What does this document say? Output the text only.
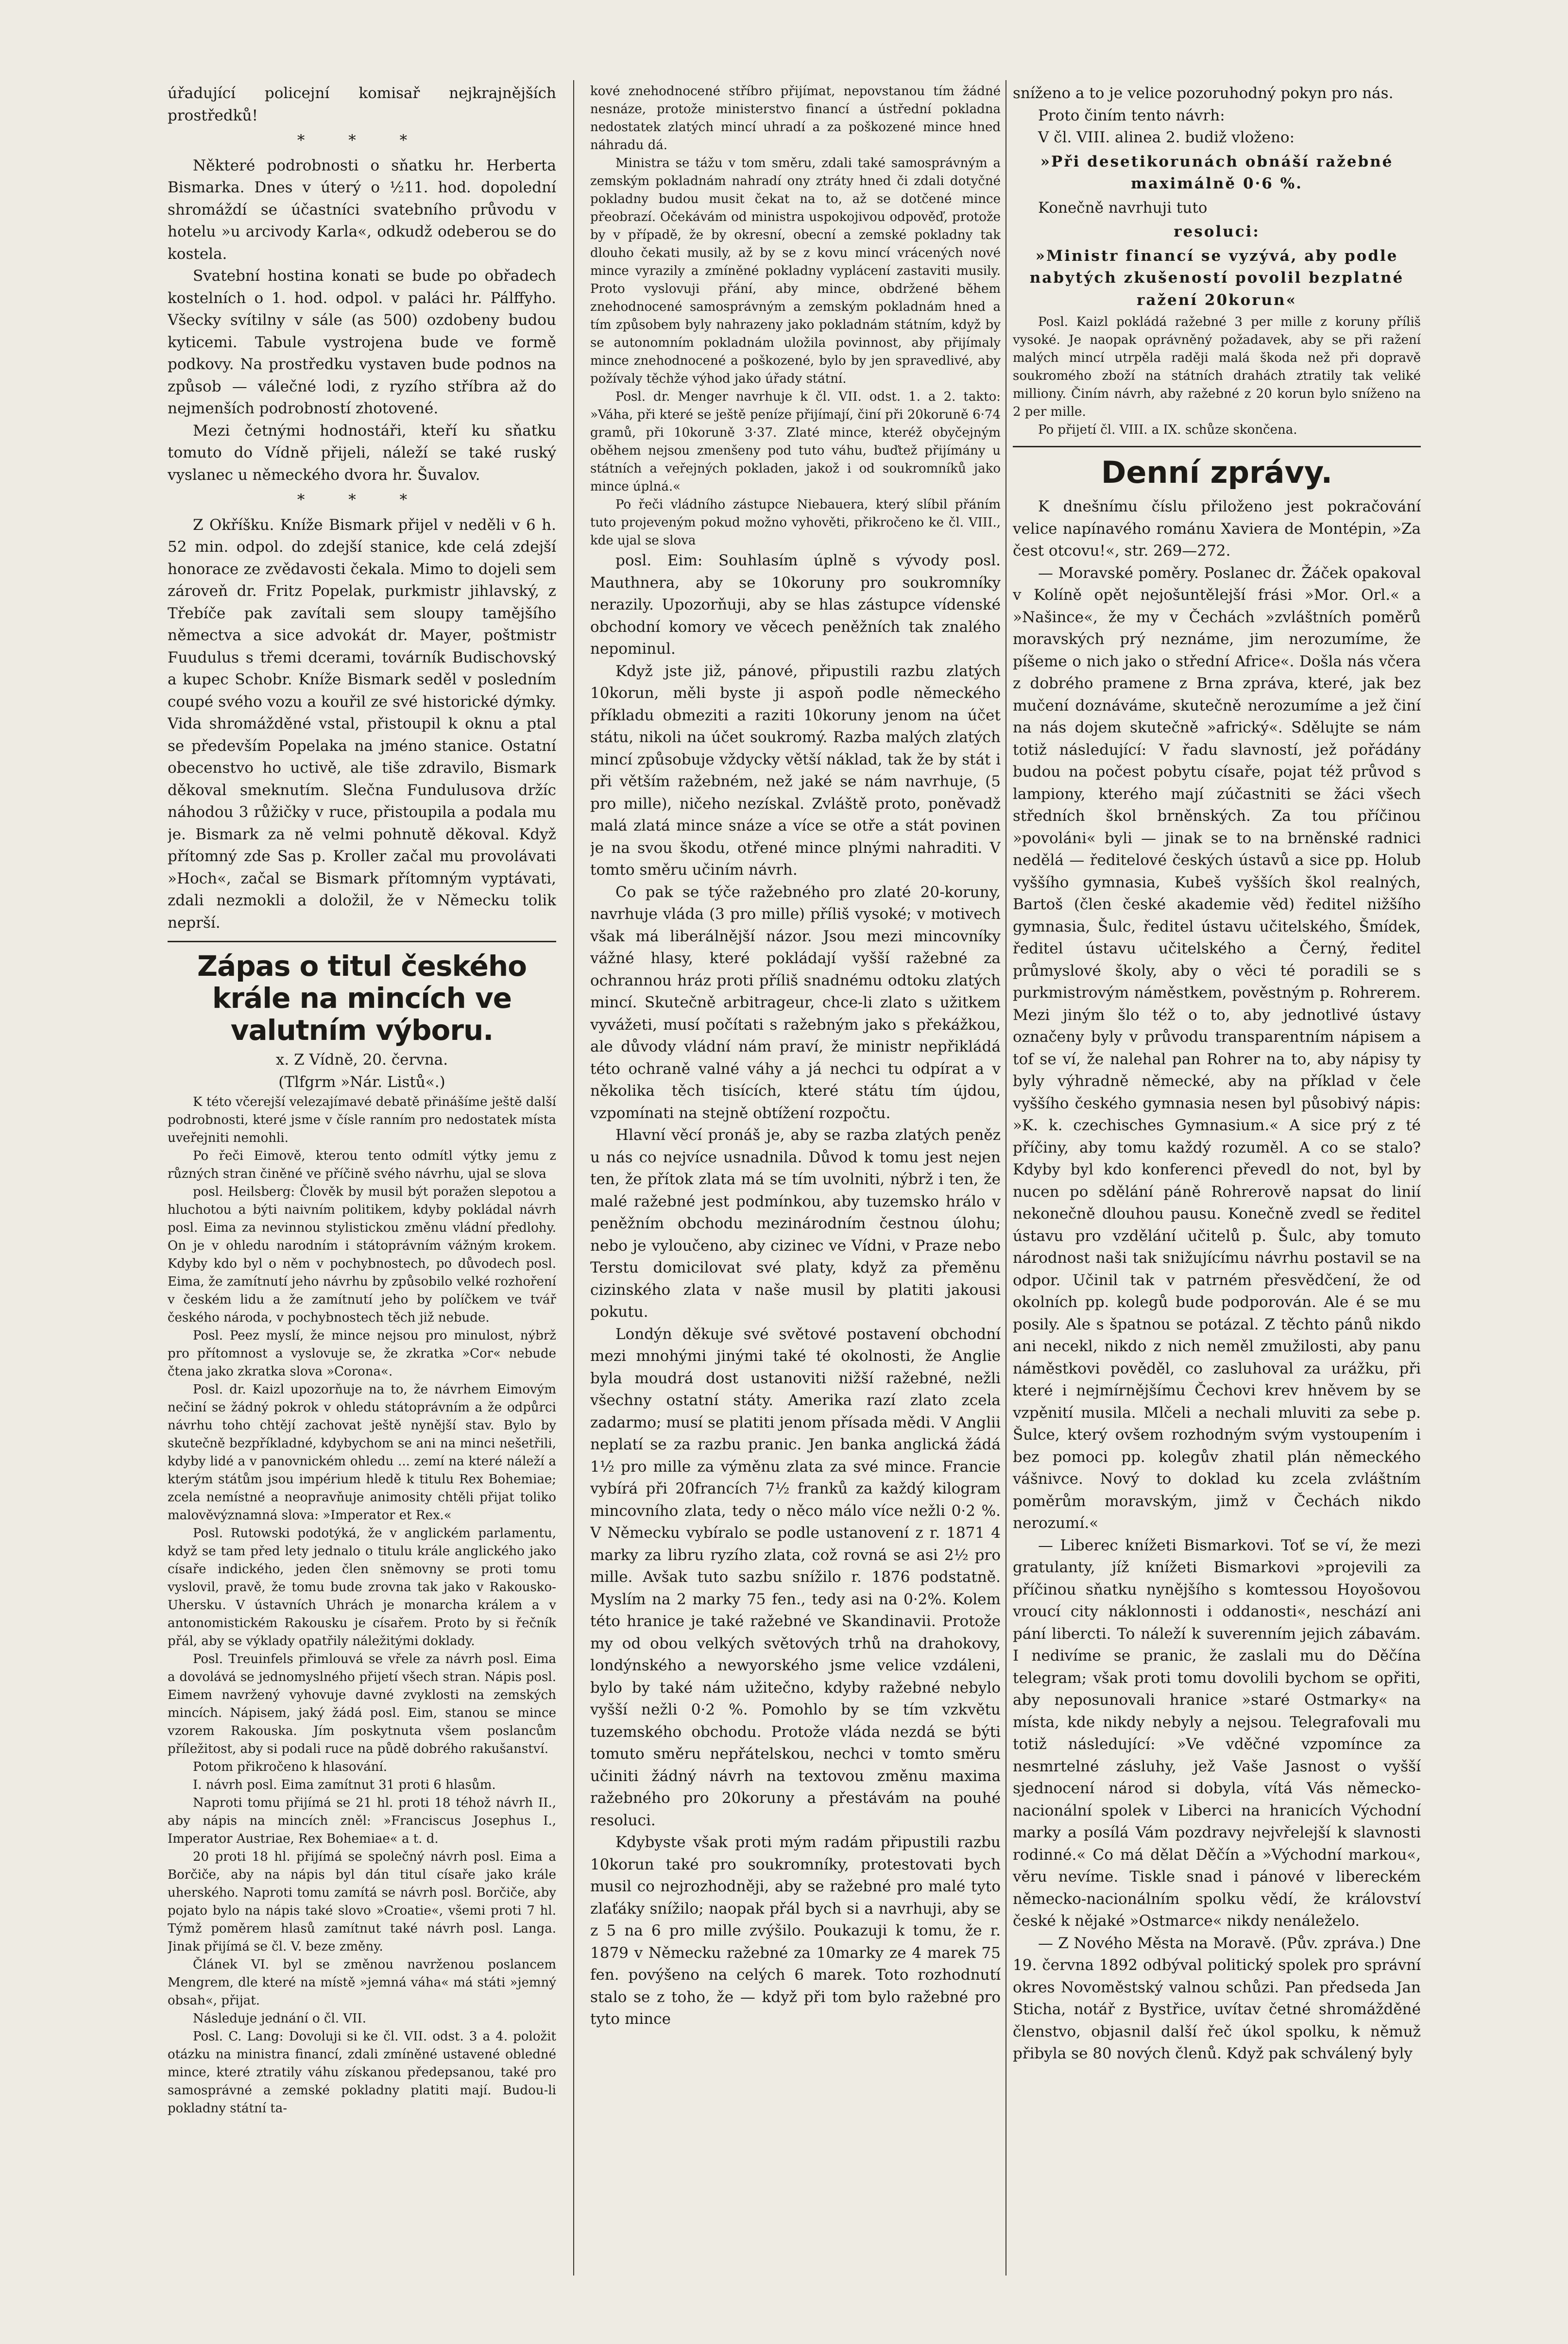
úřadující policejní komisař nejkrajnějších prostředků!

* * *

Některé podrobnosti o sňatku hr. Herberta Bismarka. Dnes v úterý o ½11. hod. dopolední shromáždí se účastníci svatebního průvodu v hotelu »u arcivody Karla«, odkudž odeberou se do kostela.

Svatební hostina konati se bude po obřadech kostelních o 1. hod. odpol. v paláci hr. Pálffyho. Všecky svítilny v sále (as 500) ozdobeny budou kyticemi. Tabule vystrojena bude ve formě podkovy. Na prostředku vystaven bude podnos na způsob — válečné lodi, z ryzího stříbra až do nejmenších podrobností zhotovené.

Mezi četnými hodnostáři, kteří ku sňatku tomuto do Vídně přijeli, náleží se také ruský vyslanec u německého dvora hr. Šuvalov.

* * *

Z Okříšku. Kníže Bismark přijel v neděli v 6 h. 52 min. odpol. do zdejší stanice, kde celá zdejší honorace ze zvědavosti čekala. Mimo to dojeli sem zároveň dr. Fritz Popelak, purkmistr jihlavský, z Třebíče pak zavítali sem sloupy tamějšího němectva a sice advokát dr. Mayer, poštmistr Fuudulus s třemi dcerami, továrník Budischovský a kupec Schobr. Kníže Bismark seděl v posledním coupé svého vozu a kouřil ze své historické dýmky. Vida shromážděné vstal, přistoupil k oknu a ptal se především Popelaka na jméno stanice. Ostatní obecenstvo ho uctivě, ale tiše zdravilo, Bismark děkoval smeknutím. Slečna Fundulusova držíc náhodou 3 růžičky v ruce, přistoupila a podala mu je. Bismark za ně velmi pohnutě děkoval. Když přítomný zde Sas p. Kroller začal mu provolávati »Hoch«, začal se Bismark přítomným vyptávati, zdali nezmokli a doložil, že v Německu tolik neprší.

Zápas o titul českého krále na mincích ve valutním výboru.

x. Z Vídně, 20. června.

(Tlfgrm »Nár. Listů«.)

K této včerejší velezajímavé debatě přinášíme ještě další podrobnosti, které jsme v čísle ranním pro nedostatek místa uveřejniti nemohli.

Po řeči Eimově, kterou tento odmítl výtky jemu z různých stran činěné ve příčině svého návrhu, ujal se slova

posl. Heilsberg: Člověk by musil být poražen slepotou a hluchotou a býti naivním politikem, kdyby pokládal návrh posl. Eima za nevinnou stylistickou změnu vládní předlohy. On je v ohledu narodním i státoprávním vážným krokem. Kdyby kdo byl o něm v pochybnostech, po důvodech posl. Eima, že zamítnutí jeho návrhu by způsobilo velké rozhoření v českém lidu a že zamítnutí jeho by políčkem ve tvář českého národa, v pochybnostech těch již nebude.

Posl. Peez myslí, že mince nejsou pro minulost, nýbrž pro přítomnost a vyslovuje se, že zkratka »Cor« nebude čtena jako zkratka slova »Corona«.

Posl. dr. Kaizl upozorňuje na to, že návrhem Eimovým nečiní se žádný pokrok v ohledu státoprávním a že odpůrci návrhu toho chtějí zachovat ještě nynější stav. Bylo by skutečně bezpříkladné, kdybychom se ani na minci nešetřili, kdyby lidé a v panovnickém ohledu ... zemí na které náleží a kterým státům jsou impérium hledě k titulu Rex Bohemiae; zcela nemístné a neopravňuje animosity chtěli přijat toliko malověvýznamná slova: »Imperator et Rex.«

Posl. Rutowski podotýká, že v anglickém parlamentu, když se tam před lety jednalo o titulu krále anglického jako císaře indického, jeden člen sněmovny se proti tomu vyslovil, pravě, že tomu bude zrovna tak jako v Rakousko-Uhersku. V ústavních Uhrách je monarcha králem a v antonomistickém Rakousku je císařem. Proto by si řečník přál, aby se výklady opatřily náležitými doklady.

Posl. Treuinfels přimlouvá se vřele za návrh posl. Eima a dovolává se jednomyslného přijetí všech stran. Nápis posl. Eimem navržený vyhovuje davné zvyklosti na zemských mincích. Nápisem, jaký žádá posl. Eim, stanou se mince vzorem Rakouska. Jím poskytnuta všem poslancům příležitost, aby si podali ruce na půdě dobrého rakušanství.

Potom přikročeno k hlasování.

I. návrh posl. Eima zamítnut 31 proti 6 hlasům.

Naproti tomu přijímá se 21 hl. proti 18 téhož návrh II., aby nápis na mincích zněl: »Franciscus Josephus I., Imperator Austriae, Rex Bohemiae« a t. d.

20 proti 18 hl. přijímá se společný návrh posl. Eima a Borčiče, aby na nápis byl dán titul císaře jako krále uherského. Naproti tomu zamítá se návrh posl. Borčiče, aby pojato bylo na nápis také slovo »Croatie«, všemi proti 7 hl. Týmž poměrem hlasů zamítnut také návrh posl. Langa. Jinak přijímá se čl. V. beze změny.

Článek VI. byl se změnou navrženou poslancem Mengrem, dle které na místě »jemná váha« má státi »jemný obsah«, přijat.

Následuje jednání o čl. VII.

Posl. C. Lang: Dovoluji si ke čl. VII. odst. 3 a 4. položit otázku na ministra financí, zdali zmíněné ustavené obledné mince, které ztratily váhu získanou předepsanou, také pro samosprávné a zemské pokladny platiti mají. Budou-li pokladny státní ta-

kové znehodnocené stříbro přijímat, nepovstanou tím žádné nesnáze, protože ministerstvo financí a ústřední pokladna nedostatek zlatých mincí uhradí a za poškozené mince hned náhradu dá.

Ministra se tážu v tom směru, zdali také samosprávným a zemským pokladnám nahradí ony ztráty hned či zdali dotyčné pokladny budou musit čekat na to, až se dotčené mince přeobrazí. Očekávám od ministra uspokojivou odpověď, protože by v případě, že by okresní, obecní a zemské pokladny tak dlouho čekati musily, až by se z kovu mincí vrácených nové mince vyrazily a zmíněné pokladny vyplácení zastaviti musily. Proto vyslovuji přání, aby mince, obdržené během znehodnocené samosprávným a zemským pokladnám hned a tím způsobem byly nahrazeny jako pokladnám státním, když by se autonomním pokladnám uložila povinnost, aby přijímaly mince znehodnocené a poškozené, bylo by jen spravedlivé, aby požívaly těchže výhod jako úřady státní.

Posl. dr. Menger navrhuje k čl. VII. odst. 1. a 2. takto: »Váha, při které se ještě peníze přijímají, činí při 20koruně 6·74 gramů, při 10koruně 3·37. Zlaté mince, kteréž obyčejným oběhem nejsou zmenšeny pod tuto váhu, buďtež přijímány u státních a veřejných pokladen, jakož i od soukromníků jako mince úplná.«

Po řeči vládního zástupce Niebauera, který slíbil přáním tuto projeveným pokud možno vyhověti, přikročeno ke čl. VIII., kde ujal se slova

posl. Eim: Souhlasím úplně s vývody posl. Mauthnera, aby se 10koruny pro soukromníky nerazily. Upozorňuji, aby se hlas zástupce vídenské obchodní komory ve věcech peněžních tak znalého nepominul.

Když jste již, pánové, připustili razbu zlatých 10korun, měli byste ji aspoň podle německého příkladu obmeziti a raziti 10koruny jenom na účet státu, nikoli na účet soukromý. Razba malých zlatých mincí způsobuje vždycky větší náklad, tak že by stát i při větším ražebném, než jaké se nám navrhuje, (5 pro mille), ničeho nezískal. Zvláště proto, poněvadž malá zlatá mince snáze a více se otře a stát povinen je na svou škodu, otřené mince plnými nahraditi. V tomto směru učiním návrh.

Co pak se týče ražebného pro zlaté 20-koruny, navrhuje vláda (3 pro mille) příliš vysoké; v motivech však má liberálnější názor. Jsou mezi mincovníky vážné hlasy, které pokládají vyšší ražebné za ochrannou hráz proti příliš snadnému odtoku zlatých mincí. Skutečně arbitrageur, chce-li zlato s užitkem vyvážeti, musí počítati s ražebným jako s překážkou, ale důvody vládní nám praví, že ministr nepřikládá této ochraně valné váhy a já nechci tu odpírat a v několika těch tisících, které státu tím újdou, vzpomínati na stejně obtížení rozpočtu.

Hlavní věcí pronáš je, aby se razba zlatých peněz u nás co nejvíce usnadnila. Důvod k tomu jest nejen ten, že přítok zlata má se tím uvolniti, nýbrž i ten, že malé ražebné jest podmínkou, aby tuzemsko hrálo v peněžním obchodu mezinárodním čestnou úlohu; nebo je vyloučeno, aby cizinec ve Vídni, v Praze nebo Terstu domicilovat své platy, když za přeměnu cizinského zlata v naše musil by platiti jakousi pokutu.

Londýn děkuje své světové postavení obchodní mezi mnohými jinými také té okolnosti, že Anglie byla moudrá dost ustanoviti nižší ražebné, nežli všechny ostatní státy. Amerika razí zlato zcela zadarmo; musí se platiti jenom přísada mědi. V Anglii neplatí se za razbu pranic. Jen banka anglická žádá 1½ pro mille za výměnu zlata za své mince. Francie vybírá při 20francích 7½ franků za každý kilogram mincovního zlata, tedy o něco málo více nežli 0·2 %. V Německu vybíralo se podle ustanovení z r. 1871 4 marky za libru ryzího zlata, což rovná se asi 2½ pro mille. Avšak tuto sazbu snížilo r. 1876 podstatně. Myslím na 2 marky 75 fen., tedy asi na 0·2%. Kolem této hranice je také ražebné ve Skandinavii. Protože my od obou velkých světových trhů na drahokovy, londýnského a newyorského jsme velice vzdáleni, bylo by také nám užitečno, kdyby ražebné nebylo vyšší nežli 0·2 %. Pomohlo by se tím vzkvětu tuzemského obchodu. Protože vláda nezdá se býti tomuto směru nepřátelskou, nechci v tomto směru učiniti žádný návrh na textovou změnu maxima ražebného pro 20koruny a přestávám na pouhé resoluci.

Kdybyste však proti mým radám připustili razbu 10korun také pro soukromníky, protestovati bych musil co nejrozhodněji, aby se ražebné pro malé tyto zlaťáky snížilo; naopak přál bych si a navrhuji, aby se z 5 na 6 pro mille zvýšilo. Poukazuji k tomu, že r. 1879 v Německu ražebné za 10marky ze 4 marek 75 fen. povýšeno na celých 6 marek. Toto rozhodnutí stalo se z toho, že — když při tom bylo ražebné pro tyto mince

sníženo a to je velice pozoruhodný pokyn pro nás.

Proto činím tento návrh:

V čl. VIII. alinea 2. budiž vloženo:

»Při desetikorunách obnáší ražebné maximálně 0·6 %.

Konečně navrhuji tuto

resoluci:

»Ministr financí se vyzývá, aby podle nabytých zkušeností povolil bezplatné ražení 20korun«

Posl. Kaizl pokládá ražebné 3 per mille z koruny příliš vysoké. Je naopak oprávněný požadavek, aby se při ražení malých mincí utrpěla raději malá škoda než při dopravě soukromého zboží na státních drahách ztratily tak veliké milliony. Činím návrh, aby ražebné z 20 korun bylo sníženo na 2 per mille.

Po přijetí čl. VIII. a IX. schůze skončena.

Denní zprávy.

K dnešnímu číslu přiloženo jest pokračování velice napínavého románu Xaviera de Montépin, »Za čest otcovu!«, str. 269—272.

— Moravské poměry. Poslanec dr. Žáček opakoval v Kolíně opět nejošuntělejší frási »Mor. Orl.« a »Našince«, že my v Čechách »zvláštních poměrů moravských prý neznáme, jim nerozumíme, že píšeme o nich jako o střední Africe«. Došla nás včera z dobrého pramene z Brna zpráva, které, jak bez mučení doznáváme, skutečně nerozumíme a jež činí na nás dojem skutečně »africký«. Sdělujte se nám totiž následující: V řadu slavností, jež pořádány budou na počest pobytu císaře, pojat též průvod s lampiony, kterého mají zúčastniti se žáci všech středních škol brněnských. Za tou příčinou »povoláni« byli — jinak se to na brněnské radnici nedělá — ředitelové českých ústavů a sice pp. Holub vyššího gymnasia, Kubeš vyšších škol realných, Bartoš (člen české akademie věd) ředitel nižšího gymnasia, Šulc, ředitel ústavu učitelského, Šmídek, ředitel ústavu učitelského a Černý, ředitel průmyslové školy, aby o věci té poradili se s purkmistrovým náměstkem, pověstným p. Rohrerem. Mezi jiným šlo též o to, aby jednotlivé ústavy označeny byly v průvodu transparentním nápisem a tof se ví, že nalehal pan Rohrer na to, aby nápisy ty byly výhradně německé, aby na příklad v čele vyššího českého gymnasia nesen byl působivý nápis: »K. k. czechisches Gymnasium.« A sice prý z té příčiny, aby tomu každý rozuměl. A co se stalo? Kdyby byl kdo konferenci převedl do not, byl by nucen po sdělání páně Rohrerově napsat do linií nekonečně dlouhou pausu. Konečně zvedl se ředitel ústavu pro vzdělání učitelů p. Šulc, aby tomuto národnost naši tak snižujícímu návrhu postavil se na odpor. Učinil tak v patrném přesvědčení, že od okolních pp. kolegů bude podporován. Ale é se mu posily. Ale s špatnou se potázal. Z těchto pánů nikdo ani necekl, nikdo z nich neměl zmužilosti, aby panu náměstkovi pověděl, co zasluhoval za urážku, při které i nejmírnějšímu Čechovi krev hněvem by se vzpěnití musila. Mlčeli a nechali mluviti za sebe p. Šulce, který ovšem rozhodným svým vystoupením i bez pomoci pp. kolegův zhatil plán německého vášnivce. Nový to doklad ku zcela zvláštním poměrům moravským, jimž v Čechách nikdo nerozumí.«

— Liberec knížeti Bismarkovi. Toť se ví, že mezi gratulanty, jíž knížeti Bismarkovi »projevili za příčinou sňatku nynějšího s komtessou Hoyošovou vroucí city náklonnosti i oddanosti«, neschází ani pání libercti. To náleží k suverenním jejich zábavám. I nedivíme se pranic, že zaslali mu do Děčína telegram; však proti tomu dovolili bychom se opřiti, aby neposunovali hranice »staré Ostmarky« na místa, kde nikdy nebyly a nejsou. Telegrafovali mu totiž následující: »Ve vděčné vzpomínce za nesmrtelné zásluhy, jež Vaše Jasnost o vyšší sjednocení národ si dobyla, vítá Vás německo-nacionální spolek v Liberci na hranicích Východní marky a posílá Vám pozdravy nejvřelejší k slavnosti rodinné.« Co má dělat Děčín a »Východní markou«, věru nevíme. Tiskle snad i pánové v libereckém německo-nacionálním spolku vědí, že království české k nějaké »Ostmarce« nikdy nenáleželo.

— Z Nového Města na Moravě. (Pův. zpráva.) Dne 19. června 1892 odbýval politický spolek pro správní okres Novoměstský valnou schůzi. Pan předseda Jan Sticha, notář z Bystřice, uvítav četné shromážděné členstvo, objasnil další řeč úkol spolku, k němuž přibyla se 80 nových členů. Když pak schválený byly
